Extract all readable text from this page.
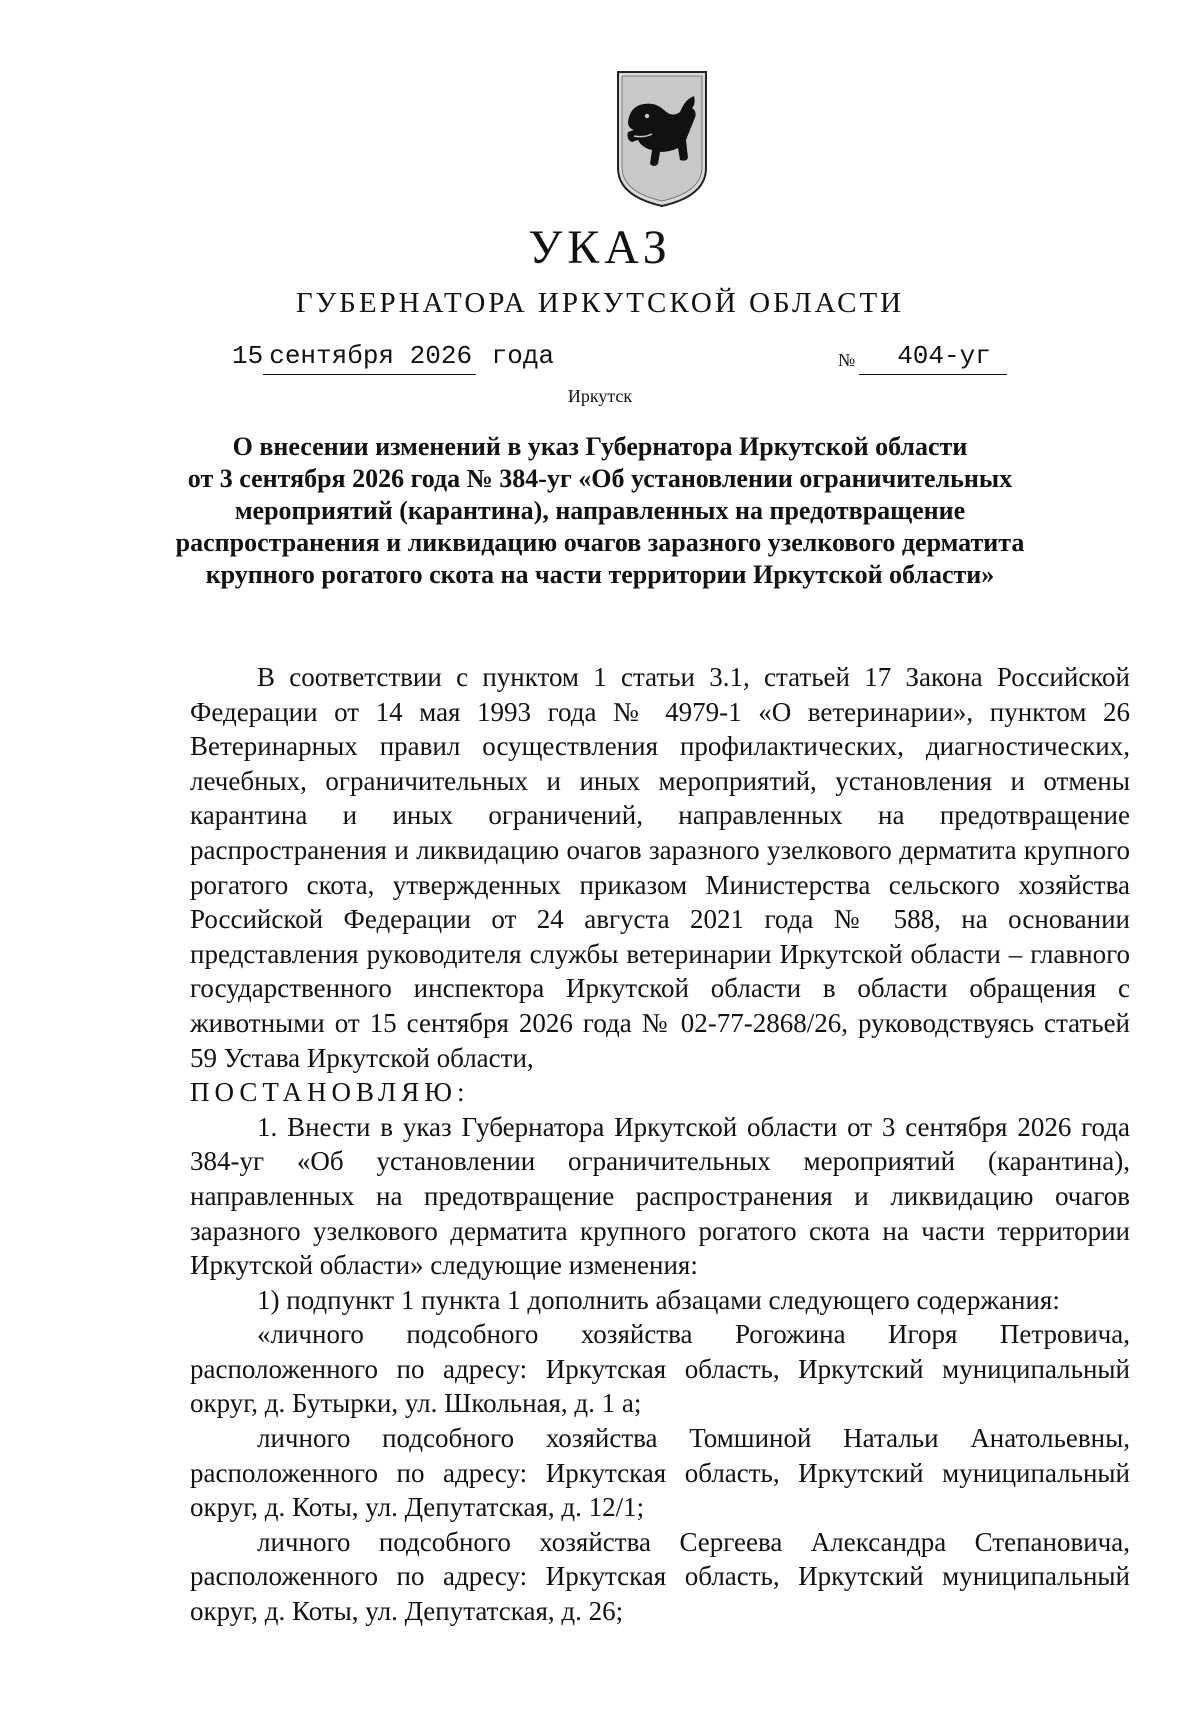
УКАЗ
ГУБЕРНАТОРА ИРКУТСКОЙ ОБЛАСТИ
15 сентября 2026 года	№ 404-уг
Иркутск
О внесении изменений в указ Губернатора Иркутской области
от 3 сентября 2026 года № 384-уг «Об установлении ограничительных
мероприятий (карантина), направленных на предотвращение
распространения и ликвидацию очагов заразного узелкового дерматита
крупного рогатого скота на части территории Иркутской области»

В соответствии с пунктом 1 статьи 3.1, статьей 17 Закона Российской Федерации от 14 мая 1993 года № 4979-1 «О ветеринарии», пунктом 26 Ветеринарных правил осуществления профилактических, диагностических, лечебных, ограничительных и иных мероприятий, установления и отмены карантина и иных ограничений, направленных на предотвращение распространения и ликвидацию очагов заразного узелкового дерматита крупного рогатого скота, утвержденных приказом Министерства сельского хозяйства Российской Федерации от 24 августа 2021 года № 588, на основании представления руководителя службы ветеринарии Иркутской области – главного государственного инспектора Иркутской области в области обращения с животными от 15 сентября 2026 года № 02-77-2868/26, руководствуясь статьей 59 Устава Иркутской области,

ПОСТАНОВЛЯЮ:

1. Внести в указ Губернатора Иркутской области от 3 сентября 2026 года 384-уг «Об установлении ограничительных мероприятий (карантина), направленных на предотвращение распространения и ликвидацию очагов заразного узелкового дерматита крупного рогатого скота на части территории Иркутской области» следующие изменения:

1) подпункт 1 пункта 1 дополнить абзацами следующего содержания:

«личного подсобного хозяйства Рогожина Игоря Петровича, расположенного по адресу: Иркутская область, Иркутский муниципальный округ, д. Бутырки, ул. Школьная, д. 1 а;

личного подсобного хозяйства Томшиной Натальи Анатольевны, расположенного по адресу: Иркутская область, Иркутский муниципальный округ, д. Коты, ул. Депутатская, д. 12/1;

личного подсобного хозяйства Сергеева Александра Степановича, расположенного по адресу: Иркутская область, Иркутский муниципальный округ, д. Коты, ул. Депутатская, д. 26;
